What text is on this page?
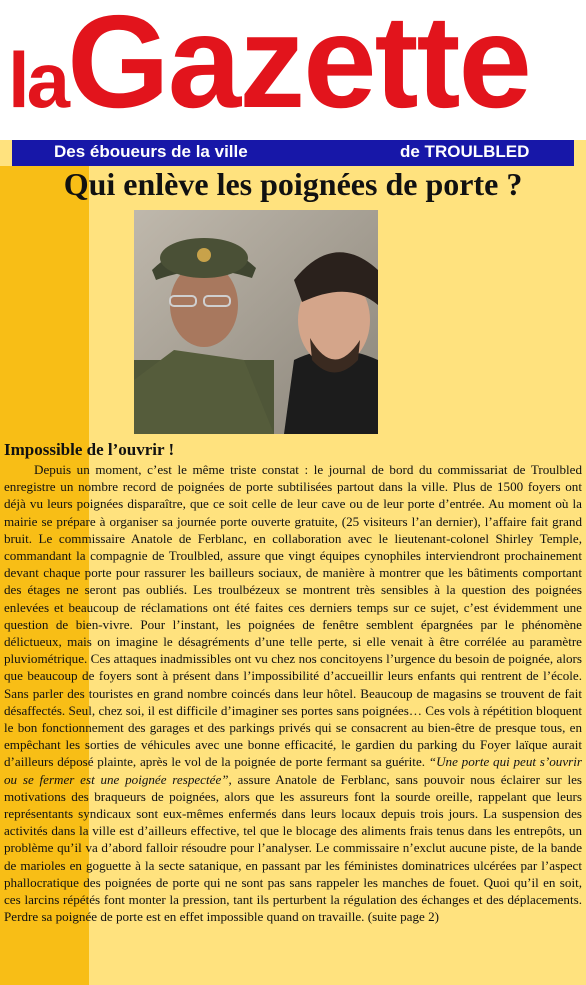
laGazette
Des éboueurs de la ville	de TROULBLED
Qui enlève les poignées de porte ?
Impossible de l’ouvrir !

Depuis un moment, c’est le même triste constat : le journal de bord du commissariat de Troulbled enregistre un nombre record de poignées de porte subtilisées partout dans la ville. Plus de 1500 foyers ont déjà vu leurs poignées disparaître, que ce soit celle de leur cave ou de leur porte d’entrée. Au moment où la mairie se prépare à organiser sa journée porte ouverte gratuite, (25 visiteurs l’an dernier), l’affaire fait grand bruit. Le commissaire Anatole de Ferblanc, en collaboration avec le lieutenant-colonel Shirley Temple, commandant la compagnie de Troulbled, assure que vingt équipes cynophiles interviendront prochainement devant chaque porte pour rassurer les bailleurs sociaux, de manière à montrer que les bâtiments comportant des étages ne seront pas oubliés. Les troulbézeux se montrent très sensibles à la question des poignées enlevées et beaucoup de réclamations ont été faites ces derniers temps sur ce sujet, c’est évidemment une question de bien-vivre. Pour l’instant, les poignées de fenêtre semblent épargnées par le phénomène délictueux, mais on imagine le désagréments d’une telle perte, si elle venait à être corrélée au paramètre pluviométrique. Ces attaques inadmissibles ont vu chez nos concitoyens l’urgence du besoin de poignée, alors que beaucoup de foyers sont à présent dans l’impossibilité d’accueillir leurs enfants qui rentrent de l’école. Sans parler des touristes en grand nombre coincés dans leur hôtel. Beaucoup de magasins se trouvent de fait désaffectés. Seul, chez soi, il est difficile d’imaginer ses portes sans poignées… Ces vols à répétition bloquent le bon fonctionnement des garages et des parkings privés qui se consacrent au bien-être de presque tous, en empêchant les sorties de véhicules avec une bonne efficacité, le gardien du parking du Foyer laïque aurait d’ailleurs déposé plainte, après le vol de la poignée de porte fermant sa guérite. “Une porte qui peut s’ouvrir ou se fermer est une poignée respectée”, assure Anatole de Ferblanc, sans pouvoir nous éclairer sur les motivations des braqueurs de poignées, alors que les assureurs font la sourde oreille, rappelant que leurs représentants syndicaux sont eux-mêmes enfermés dans leurs locaux depuis trois jours. La suspension des activités dans la ville est d’ailleurs effective, tel que le blocage des aliments frais tenus dans les entrepôts, un problème qu’il va d’abord falloir résoudre pour l’analyser. Le commissaire n’exclut aucune piste, de la bande de marioles en goguette à la secte satanique, en passant par les féministes dominatrices ulcérées par l’aspect phallocratique des poignées de porte qui ne sont pas sans rappeler les manches de fouet. Quoi qu’il en soit, ces larcins répétés font monter la pression, tant ils perturbent la régulation des échanges et des déplacements. Perdre sa poignée de porte est en effet impossible quand on travaille. (suite page 2)
